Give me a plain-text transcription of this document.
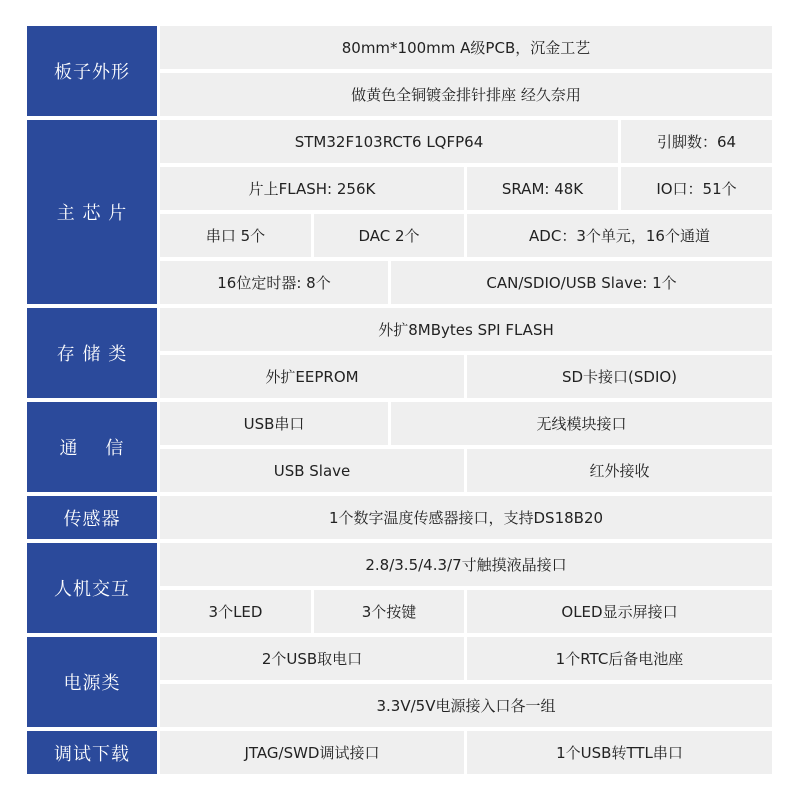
板子外形
80mm*100mm A级PCB，沉金工艺
做黄色全铜镀金排针排座 经久奈用
主 芯 片
STM32F103RCT6 LQFP64	引脚数：64
片上FLASH: 256K	SRAM: 48K	IO口：51个
串口 5个	DAC 2个	ADC：3个单元，16个通道
16位定时器: 8个	CAN/SDIO/USB Slave: 1个
存 储 类
外扩8MBytes SPI FLASH
外扩EEPROM	SD卡接口(SDIO)
通    信
USB串口	无线模块接口
USB Slave	红外接收
传感器	1个数字温度传感器接口，支持DS18B20
人机交互
2.8/3.5/4.3/7寸触摸液晶接口
3个LED	3个按键	OLED显示屏接口
电源类
2个USB取电口	1个RTC后备电池座
3.3V/5V电源接入口各一组
调试下载	JTAG/SWD调试接口	1个USB转TTL串口
